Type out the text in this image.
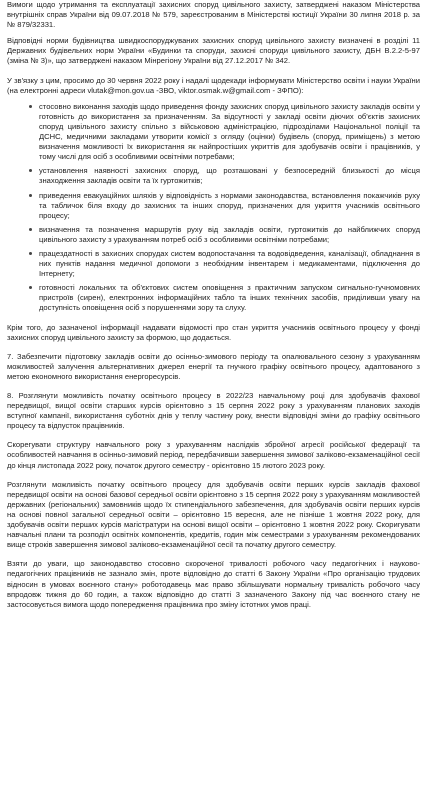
Вимоги щодо утримання та експлуатації захисних споруд цивільного захисту, затверджені наказом Міністерства внутрішніх справ України від 09.07.2018 № 579, зареєстрованим в Міністерстві юстиції України 30 липня 2018 р. за № 879/32331.

Відповідні норми будівництва швидкоспоруджуваних захисних споруд цивільного захисту визначені в розділі 11 Державних будівельних норм України «Будинки та споруди, захисні споруди цивільного захисту, ДБН В.2.2-5-97 (зміна № 3)», що затверджені наказом Мінрегіону України від 27.12.2017 № 342.

У зв'язку з цим, просимо до 30 червня 2022 року і надалі щодекади інформувати Міністерство освіти і науки України (на електронні адреси vlutak@mon.gov.ua -ЗВО, viktor.osmak.w@gmail.com - ЗФПО):

стосовно виконання заходів щодо приведення фонду захисних споруд цивільного захисту закладів освіти у готовність до використання за призначенням. За відсутності у закладі освіти діючих об'єктів захисних споруд цивільного захисту спільно з військовою адміністрацією, підрозділами Національної поліції та ДСНС, медичними закладами утворити комісії з огляду (оцінки) будівель (споруд, приміщень) з метою визначення можливості їх використання як найпростіших укриттів для здобувачів освіти і працівників, у тому числі для осіб з особливими освітніми потребами;
установлення наявності захисних споруд, що розташовані у безпосередній близькості до місця знаходження закладів освіти та їх гуртожитків;
приведення евакуаційних шляхів у відповідність з нормами законодавства, встановлення покажчиків руху та табличок біля входу до захисних та інших споруд, призначених для укриття учасників освітнього процесу;
визначення та позначення маршрутів руху від закладів освіти, гуртожитків до найближчих споруд цивільного захисту з урахуванням потреб осіб з особливими освітніми потребами;
працездатності в захисних спорудах систем водопостачання та водовідведення, каналізації, обладнання в них пунктів надання медичної допомоги з необхідним інвентарем і медикаментами, підключення до Інтернету;
готовності локальних та об'єктових систем оповіщення з практичним запуском сигнально-гучномовних пристроїв (сирен), електронних інформаційних табло та інших технічних засобів, приділивши увагу на доступність оповіщення осіб з порушеннями зору та слуху.

Крім того, до зазначеної інформації надавати відомості про стан укриття учасників освітнього процесу у фонді захисних споруд цивільного захисту за формою, що додається.

7. Забезпечити підготовку закладів освіти до осінньо-зимового періоду та опалювального сезону з урахуванням можливостей залучення альтернативних джерел енергії та гнучкого графіку освітнього процесу, адаптованого з метою економного використання енергоресурсів.

8. Розглянути можливість початку освітнього процесу в 2022/23 навчальному році для здобувачів фахової передвищої, вищої освіти старших курсів орієнтовно з 15 серпня 2022 року з урахуванням планових заходів вступної кампанії, використання суботніх днів у теплу частину року, внести відповідні зміни до графіку освітнього процесу та відпусток працівників.

Скорегувати структуру навчального року з урахуванням наслідків збройної агресії російської федерації та особливостей навчання в осінньо-зимовий період, передбачивши завершення зимової заліково-екзаменаційної сесії до кінця листопада 2022 року, початок другого семестру - орієнтовно 15 лютого 2023 року.

Розглянути можливість початку освітнього процесу для здобувачів освіти перших курсів закладів фахової передвищої освіти на основі базової середньої освіти орієнтовно з 15 серпня 2022 року з урахуванням можливостей державних (регіональних) замовників щодо їх стипендіального забезпечення, для здобувачів освіти перших курсів на основі повної загальної середньої освіти – орієнтовно 15 вересня, але не пізніше 1 жовтня 2022 року, для здобувачів освіти перших курсів магістратури на основі вищої освіти – орієнтовно 1 жовтня 2022 року. Скоригувати навчальні плани та розподіл освітніх компонентів, кредитів, годин між семестрами з урахуванням рекомендованих вище строків завершення зимової заліково-екзаменаційної сесії та початку другого семестру.

Взяти до уваги, що законодавство стосовно скороченої тривалості робочого часу педагогічних і науково-педагогічних працівників не зазнало змін, проте відповідно до статті 6 Закону України «Про організацію трудових відносин в умовах воєнного стану» роботодавець має право збільшувати нормальну тривалість робочого часу впродовж тижня до 60 годин, а також відповідно до статті 3 зазначеного Закону під час воєнного стану не застосовується вимога щодо попередження працівника про зміну істотних умов праці.
